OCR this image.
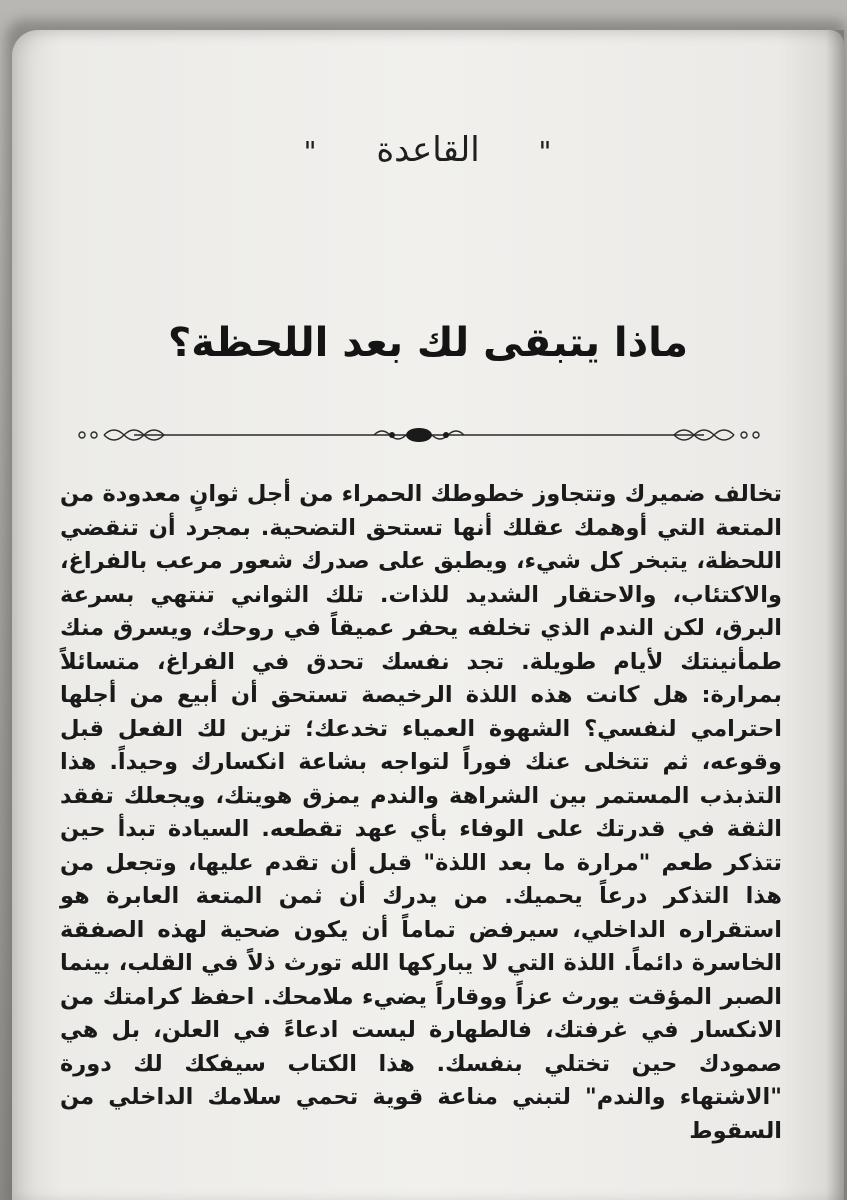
" القاعدة "
ماذا يتبقى لك بعد اللحظة؟
تخالف ضميرك وتتجاوز خطوطك الحمراء من أجل ثوانٍ معدودة من المتعة التي أوهمك عقلك أنها تستحق التضحية. بمجرد أن تنقضي اللحظة، يتبخر كل شيء، ويطبق على صدرك شعور مرعب بالفراغ، والاكتئاب، والاحتقار الشديد للذات. تلك الثواني تنتهي بسرعة البرق، لكن الندم الذي تخلفه يحفر عميقاً في روحك، ويسرق منك طمأنينتك لأيام طويلة. تجد نفسك تحدق في الفراغ، متسائلاً بمرارة: هل كانت هذه اللذة الرخيصة تستحق أن أبيع من أجلها احترامي لنفسي؟ الشهوة العمياء تخدعك؛ تزين لك الفعل قبل وقوعه، ثم تتخلى عنك فوراً لتواجه بشاعة انكسارك وحيداً. هذا التذبذب المستمر بين الشراهة والندم يمزق هويتك، ويجعلك تفقد الثقة في قدرتك على الوفاء بأي عهد تقطعه. السيادة تبدأ حين تتذكر طعم "مرارة ما بعد اللذة" قبل أن تقدم عليها، وتجعل من هذا التذكر درعاً يحميك. من يدرك أن ثمن المتعة العابرة هو استقراره الداخلي، سيرفض تماماً أن يكون ضحية لهذه الصفقة الخاسرة دائماً. اللذة التي لا يباركها الله تورث ذلاً في القلب، بينما الصبر المؤقت يورث عزاً ووقاراً يضيء ملامحك. احفظ كرامتك من الانكسار في غرفتك، فالطهارة ليست ادعاءً في العلن، بل هي صمودك حين تختلي بنفسك. هذا الكتاب سيفكك لك دورة "الاشتهاء والندم" لتبني مناعة قوية تحمي سلامك الداخلي من السقوط
